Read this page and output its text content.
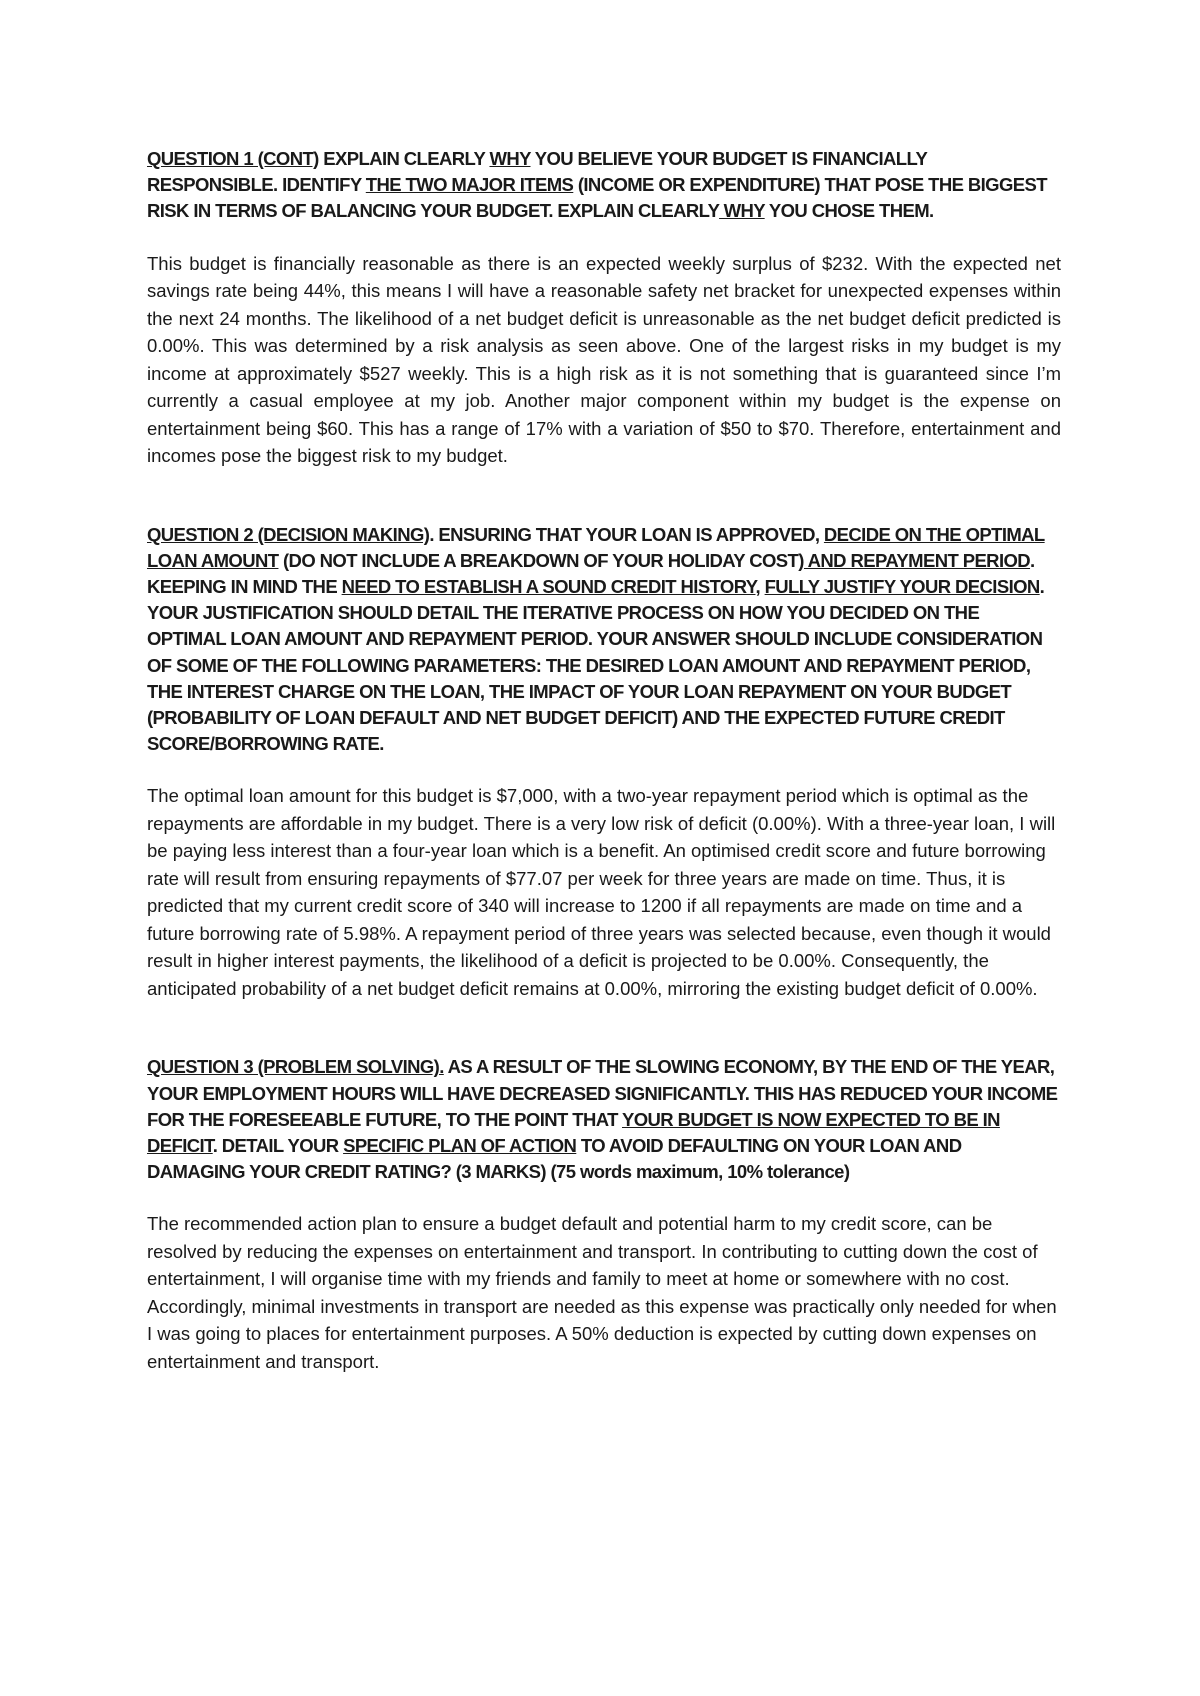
QUESTION 1 (CONT) EXPLAIN CLEARLY WHY YOU BELIEVE YOUR BUDGET IS FINANCIALLY RESPONSIBLE. IDENTIFY THE TWO MAJOR ITEMS (INCOME OR EXPENDITURE) THAT POSE THE BIGGEST RISK IN TERMS OF BALANCING YOUR BUDGET. EXPLAIN CLEARLY WHY YOU CHOSE THEM.

This budget is financially reasonable as there is an expected weekly surplus of $232. With the expected net savings rate being 44%, this means I will have a reasonable safety net bracket for unexpected expenses within the next 24 months. The likelihood of a net budget deficit is unreasonable as the net budget deficit predicted is 0.00%. This was determined by a risk analysis as seen above. One of the largest risks in my budget is my income at approximately $527 weekly. This is a high risk as it is not something that is guaranteed since I’m currently a casual employee at my job. Another major component within my budget is the expense on entertainment being $60. This has a range of 17% with a variation of $50 to $70. Therefore, entertainment and incomes pose the biggest risk to my budget.

QUESTION 2 (DECISION MAKING). ENSURING THAT YOUR LOAN IS APPROVED, DECIDE ON THE OPTIMAL LOAN AMOUNT (DO NOT INCLUDE A BREAKDOWN OF YOUR HOLIDAY COST) AND REPAYMENT PERIOD. KEEPING IN MIND THE NEED TO ESTABLISH A SOUND CREDIT HISTORY, FULLY JUSTIFY YOUR DECISION. YOUR JUSTIFICATION SHOULD DETAIL THE ITERATIVE PROCESS ON HOW YOU DECIDED ON THE OPTIMAL LOAN AMOUNT AND REPAYMENT PERIOD. YOUR ANSWER SHOULD INCLUDE CONSIDERATION OF SOME OF THE FOLLOWING PARAMETERS: THE DESIRED LOAN AMOUNT AND REPAYMENT PERIOD, THE INTEREST CHARGE ON THE LOAN, THE IMPACT OF YOUR LOAN REPAYMENT ON YOUR BUDGET (PROBABILITY OF LOAN DEFAULT AND NET BUDGET DEFICIT) AND THE EXPECTED FUTURE CREDIT SCORE/BORROWING RATE.

The optimal loan amount for this budget is $7,000, with a two-year repayment period which is optimal as the repayments are affordable in my budget. There is a very low risk of deficit (0.00%). With a three-year loan, I will be paying less interest than a four-year loan which is a benefit. An optimised credit score and future borrowing rate will result from ensuring repayments of $77.07 per week for three years are made on time. Thus, it is predicted that my current credit score of 340 will increase to 1200 if all repayments are made on time and a future borrowing rate of 5.98%. A repayment period of three years was selected because, even though it would result in higher interest payments, the likelihood of a deficit is projected to be 0.00%. Consequently, the anticipated probability of a net budget deficit remains at 0.00%, mirroring the existing budget deficit of 0.00%.

QUESTION 3 (PROBLEM SOLVING). AS A RESULT OF THE SLOWING ECONOMY, BY THE END OF THE YEAR, YOUR EMPLOYMENT HOURS WILL HAVE DECREASED SIGNIFICANTLY. THIS HAS REDUCED YOUR INCOME FOR THE FORESEEABLE FUTURE, TO THE POINT THAT YOUR BUDGET IS NOW EXPECTED TO BE IN DEFICIT. DETAIL YOUR SPECIFIC PLAN OF ACTION TO AVOID DEFAULTING ON YOUR LOAN AND DAMAGING YOUR CREDIT RATING? (3 MARKS) (75 words maximum, 10% tolerance)

The recommended action plan to ensure a budget default and potential harm to my credit score, can be resolved by reducing the expenses on entertainment and transport. In contributing to cutting down the cost of entertainment, I will organise time with my friends and family to meet at home or somewhere with no cost. Accordingly, minimal investments in transport are needed as this expense was practically only needed for when I was going to places for entertainment purposes. A 50% deduction is expected by cutting down expenses on entertainment and transport.
